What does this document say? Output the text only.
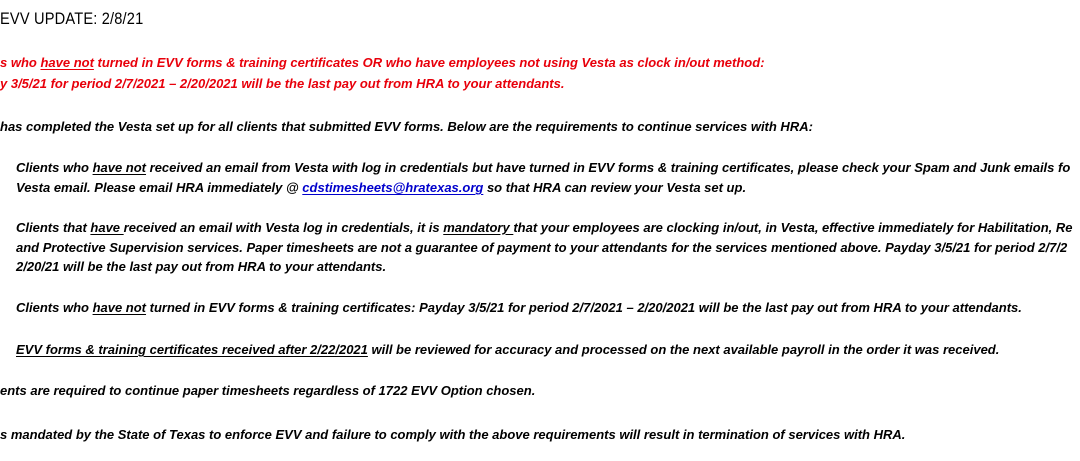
EVV UPDATE: 2/8/21
s who have not turned in EVV forms & training certificates OR who have employees not using Vesta as clock in/out method:
y 3/5/21 for period 2/7/2021 – 2/20/2021 will be the last pay out from HRA to your attendants.
has completed the Vesta set up for all clients that submitted EVV forms. Below are the requirements to continue services with HRA:
Clients who have not received an email from Vesta with log in credentials but have turned in EVV forms & training certificates, please check your Spam and Junk emails fo
Vesta email. Please email HRA immediately @ cdstimesheets@hratexas.org so that HRA can review your Vesta set up.
Clients that have received an email with Vesta log in credentials, it is mandatory that your employees are clocking in/out, in Vesta, effective immediately for Habilitation, Re
and Protective Supervision services. Paper timesheets are not a guarantee of payment to your attendants for the services mentioned above. Payday 3/5/21 for period 2/7/2
2/20/21 will be the last pay out from HRA to your attendants.
Clients who have not turned in EVV forms & training certificates: Payday 3/5/21 for period 2/7/2021 – 2/20/2021 will be the last pay out from HRA to your attendants.
EVV forms & training certificates received after 2/22/2021 will be reviewed for accuracy and processed on the next available payroll in the order it was received.
ents are required to continue paper timesheets regardless of 1722 EVV Option chosen.
s mandated by the State of Texas to enforce EVV and failure to comply with the above requirements will result in termination of services with HRA.
